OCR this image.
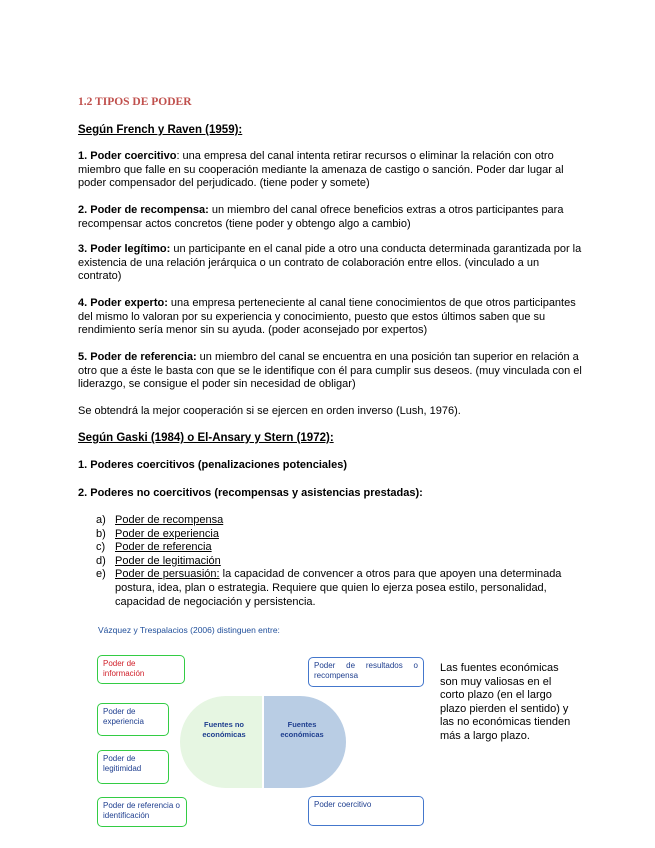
1.2 TIPOS DE PODER
Según French y Raven (1959):
1. Poder coercitivo: una empresa del canal intenta retirar recursos o eliminar la relación con otro miembro que falle en su cooperación mediante la amenaza de castigo o sanción. Poder dar lugar al poder compensador del perjudicado. (tiene poder y somete)
2. Poder de recompensa: un miembro del canal ofrece beneficios extras a otros participantes para recompensar actos concretos (tiene poder y obtengo algo a cambio)
3. Poder legítimo: un participante en el canal pide a otro una conducta determinada garantizada por la existencia de una relación jerárquica o un contrato de colaboración entre ellos. (vinculado a un contrato)
4. Poder experto: una empresa perteneciente al canal tiene conocimientos de que otros participantes del mismo lo valoran por su experiencia y conocimiento, puesto que estos últimos saben que su rendimiento sería menor sin su ayuda. (poder aconsejado por expertos)
5. Poder de referencia: un miembro del canal se encuentra en una posición tan superior en relación a otro que a éste le basta con que se le identifique con él para cumplir sus deseos. (muy vinculada con el liderazgo, se consigue el poder sin necesidad de obligar)
Se obtendrá la mejor cooperación si se ejercen en orden inverso (Lush, 1976).
Según Gaski (1984) o El-Ansary y Stern (1972):
1. Poderes coercitivos (penalizaciones potenciales)
2. Poderes no coercitivos (recompensas y asistencias prestadas):
a) Poder de recompensa
b) Poder de experiencia
c) Poder de referencia
d) Poder de legitimación
e) Poder de persuasión: la capacidad de convencer a otros para que apoyen una determinada postura, idea, plan o estrategia. Requiere que quien lo ejerza posea estilo, personalidad, capacidad de negociación y persistencia.
Vázquez y Trespalacios (2006) distinguen entre:
Fuentes no económicas
Fuentes económicas
Poder de información
Poder de experiencia
Poder de legitimidad
Poder de referencia o identificación
Poder de resultados o
recompensa
Poder coercitivo
Las fuentes económicas son muy valiosas en el corto plazo (en el largo plazo pierden el sentido) y las no económicas tienden más a largo plazo.
